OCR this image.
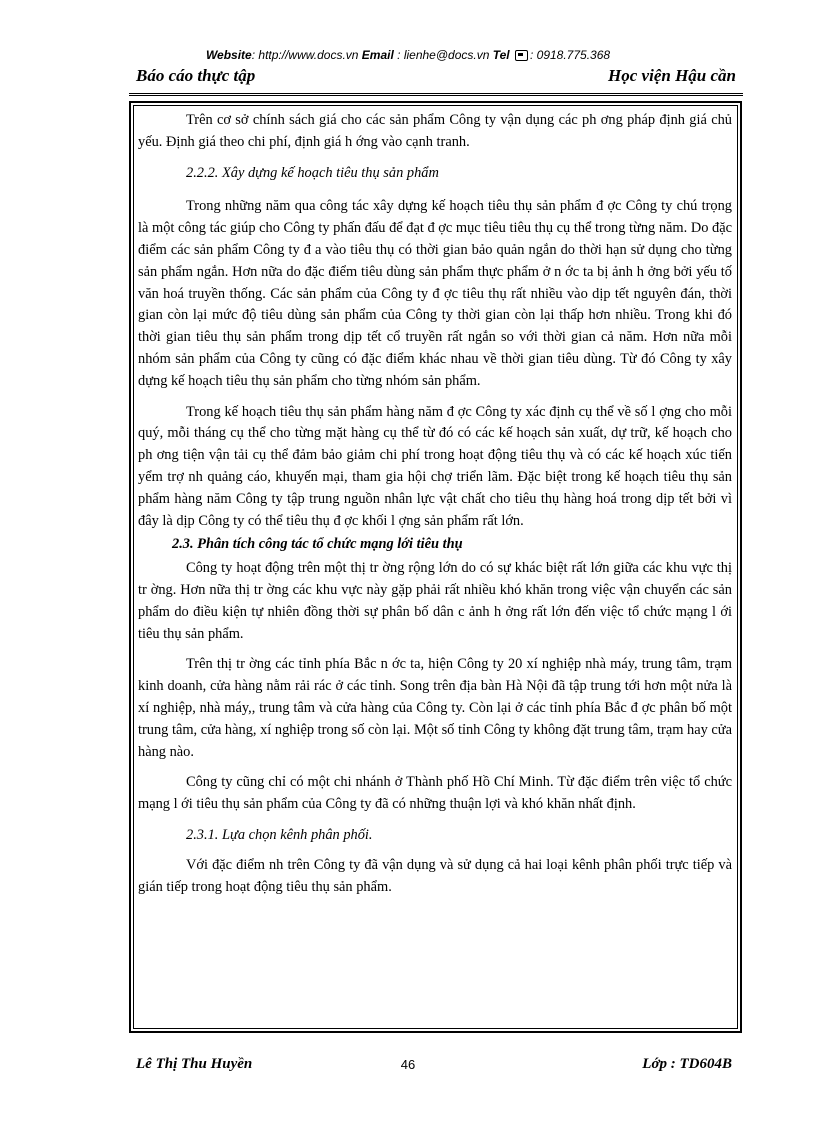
Website: http://www.docs.vn Email : lienhe@docs.vn Tel : 0918.775.368
Báo cáo thực tập	Học viện Hậu cần

Trên cơ sở chính sách giá cho các sản phẩm Công ty vận dụng các ph ơng pháp định giá chủ yếu. Định giá theo chi phí, định giá h ớng vào cạnh tranh.

2.2.2. Xây dựng kế hoạch tiêu thụ sản phẩm

Trong những năm qua công tác xây dựng kế hoạch tiêu thụ sản phẩm đ ợc Công ty chú trọng là một công tác giúp cho Công ty phấn đấu để đạt đ ợc mục tiêu tiêu thụ cụ thể trong từng năm. Do đặc điểm các sản phẩm Công ty đ a vào tiêu thụ có thời gian bảo quản ngắn do thời hạn sử dụng cho từng sản phẩm ngắn. Hơn nữa do đặc điểm tiêu dùng sản phẩm thực phẩm ở n ớc ta bị ảnh h ởng bởi yếu tố văn hoá truyền thống. Các sản phẩm của Công ty đ ợc tiêu thụ rất nhiều vào dịp tết nguyên đán, thời gian còn lại mức độ tiêu dùng sản phẩm của Công ty thời gian còn lại thấp hơn nhiều. Trong khi đó thời gian tiêu thụ sản phẩm trong dịp tết cổ truyền rất ngắn so với thời gian cả năm. Hơn nữa mỗi nhóm sản phẩm của Công ty cũng có đặc điểm khác nhau về thời gian tiêu dùng. Từ đó Công ty xây dựng kế hoạch tiêu thụ sản phẩm cho từng nhóm sản phẩm.

Trong kế hoạch tiêu thụ sản phẩm hàng năm đ ợc Công ty xác định cụ thể về số l ợng cho mỗi quý, mỗi tháng cụ thể cho từng mặt hàng cụ thể từ đó có các kế hoạch sản xuất, dự trữ, kế hoạch cho ph ơng tiện vận tải cụ thể đảm bảo giảm chi phí trong hoạt động tiêu thụ và có các kế hoạch xúc tiến yểm trợ nh quảng cáo, khuyến mại, tham gia hội chợ triển lãm. Đặc biệt trong kế hoạch tiêu thụ sản phẩm hàng năm Công ty tập trung nguồn nhân lực vật chất cho tiêu thụ hàng hoá trong dịp tết bởi vì đây là dịp Công ty có thể tiêu thụ đ ợc khối l ợng sản phẩm rất lớn.

2.3. Phân tích công tác tổ chức mạng lới tiêu thụ

Công ty hoạt động trên một thị tr ờng rộng lớn do có sự khác biệt rất lớn giữa các khu vực thị tr ờng. Hơn nữa thị tr ờng các khu vực này gặp phải rất nhiều khó khăn trong việc vận chuyển các sản phẩm do điều kiện tự nhiên đồng thời sự phân bố dân c ảnh h ởng rất lớn đến việc tổ chức mạng l ới tiêu thụ sản phẩm.

Trên thị tr ờng các tỉnh phía Bắc n ớc ta, hiện Công ty 20 xí nghiệp nhà máy, trung tâm, trạm kinh doanh, cửa hàng nằm rải rác ở các tỉnh. Song trên địa bàn Hà Nội đã tập trung tới hơn một nửa là xí nghiệp, nhà máy,, trung tâm và cửa hàng của Công ty. Còn lại ở các tỉnh phía Bắc đ ợc phân bố một trung tâm, cửa hàng, xí nghiệp trong số còn lại. Một số tỉnh Công ty không đặt trung tâm, trạm hay cửa hàng nào.

Công ty cũng chỉ có một chi nhánh ở Thành phố Hồ Chí Minh. Từ đặc điểm trên việc tổ chức mạng l ới tiêu thụ sản phẩm của Công ty đã có những thuận lợi và khó khăn nhất định.

2.3.1. Lựa chọn kênh phân phối.

Với đặc điểm nh trên Công ty đã vận dụng và sử dụng cả hai loại kênh phân phối trực tiếp và gián tiếp trong hoạt động tiêu thụ sản phẩm.

Lê Thị Thu Huyền	46	Lớp : TD604B
